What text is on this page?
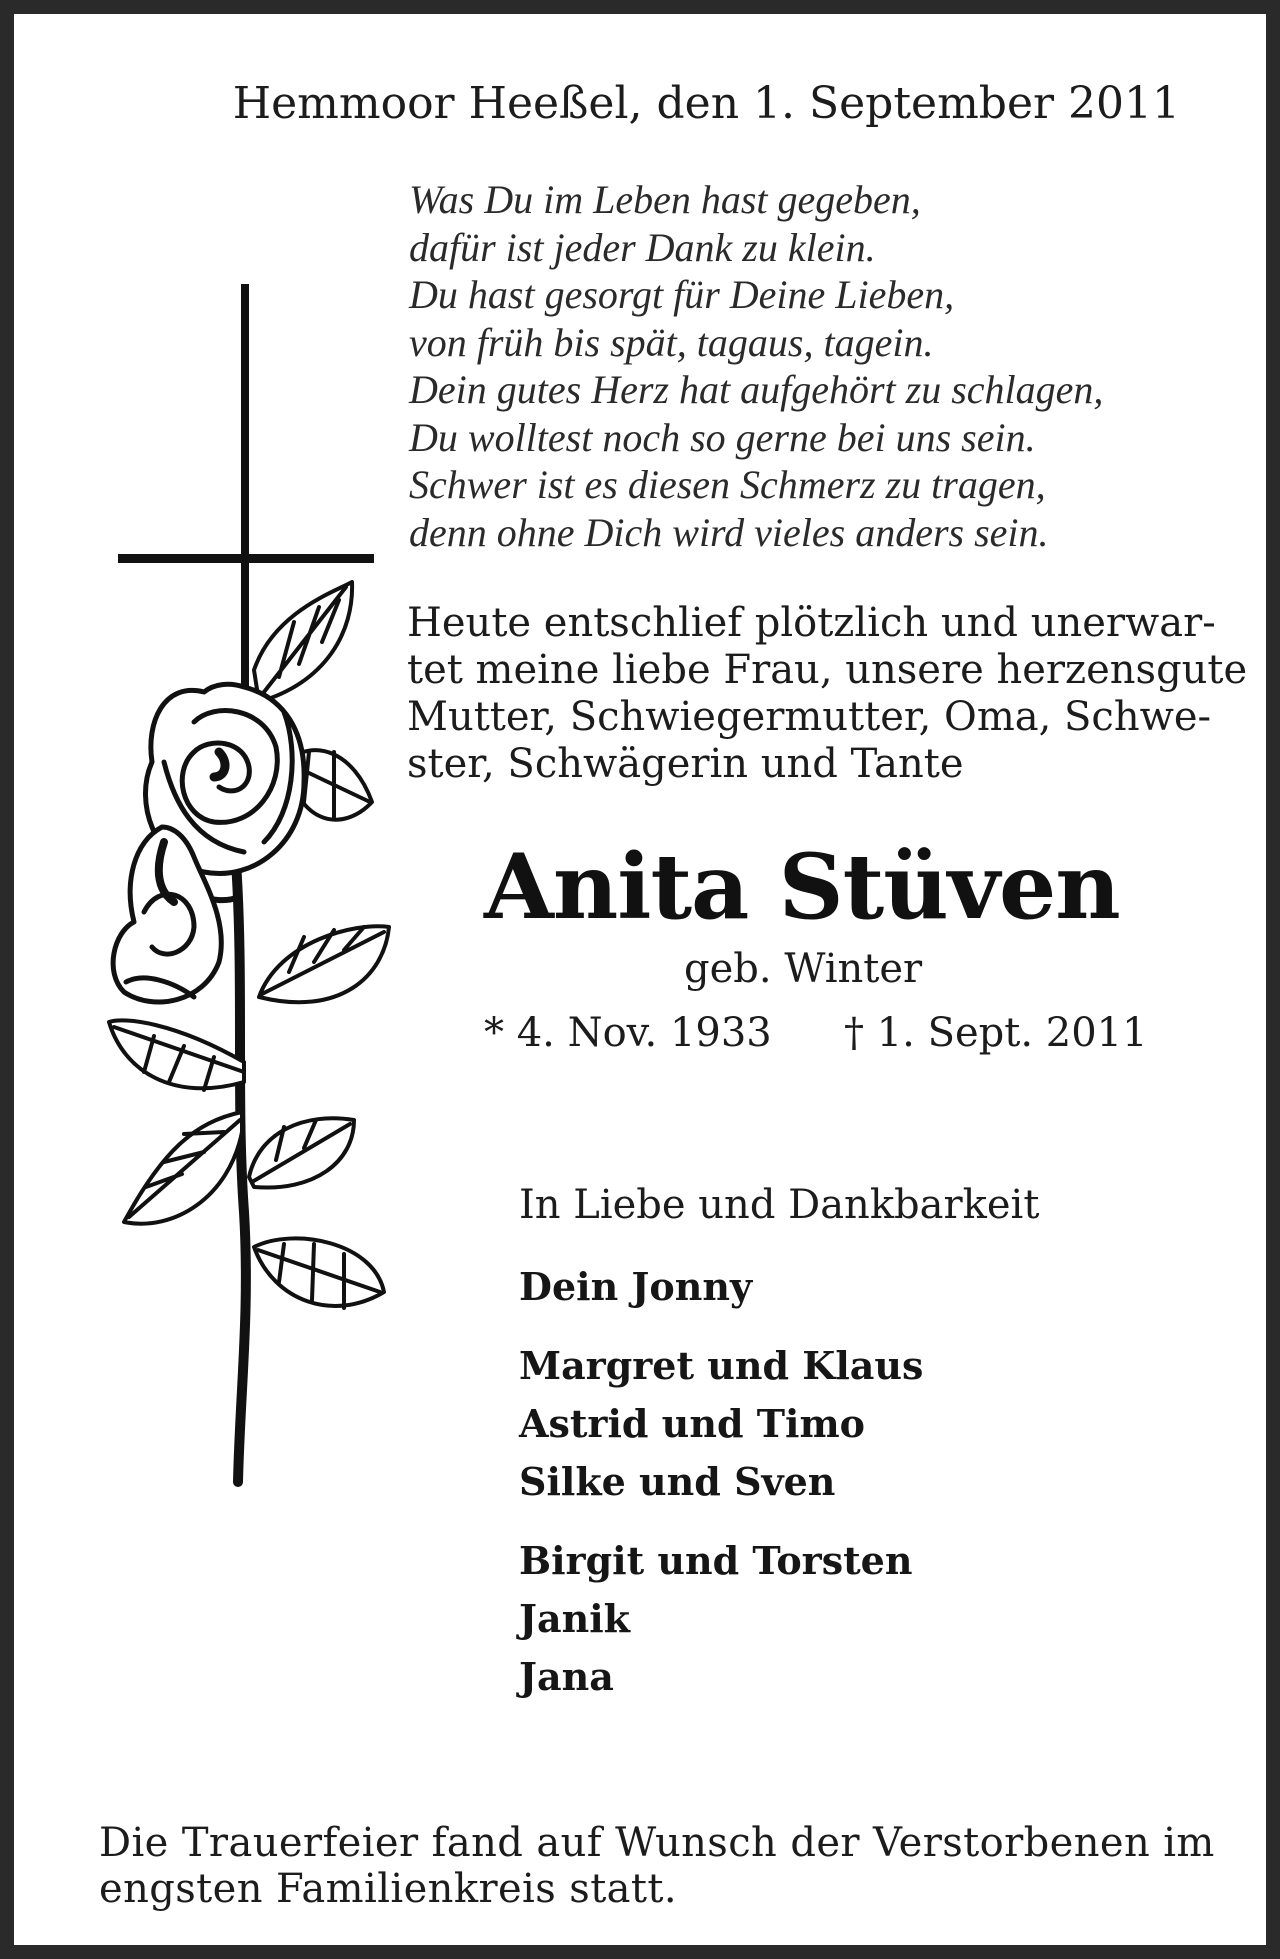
Hemmoor Heeßel, den 1. September 2011
Was Du im Leben hast gegeben,
dafür ist jeder Dank zu klein.
Du hast gesorgt für Deine Lieben,
von früh bis spät, tagaus, tagein.
Dein gutes Herz hat aufgehört zu schlagen,
Du wolltest noch so gerne bei uns sein.
Schwer ist es diesen Schmerz zu tragen,
denn ohne Dich wird vieles anders sein.
Heute entschlief plötzlich und unerwar-
tet meine liebe Frau, unsere herzensgute
Mutter, Schwiegermutter, Oma, Schwe-
ster, Schwägerin und Tante
Anita Stüven
geb. Winter
* 4. Nov. 1933 † 1. Sept. 2011
In Liebe und Dankbarkeit
Dein Jonny
Margret und Klaus
Astrid und Timo
Silke und Sven
Birgit und Torsten
Janik
Jana
Die Trauerfeier fand auf Wunsch der Verstorbenen im
engsten Familienkreis statt.
